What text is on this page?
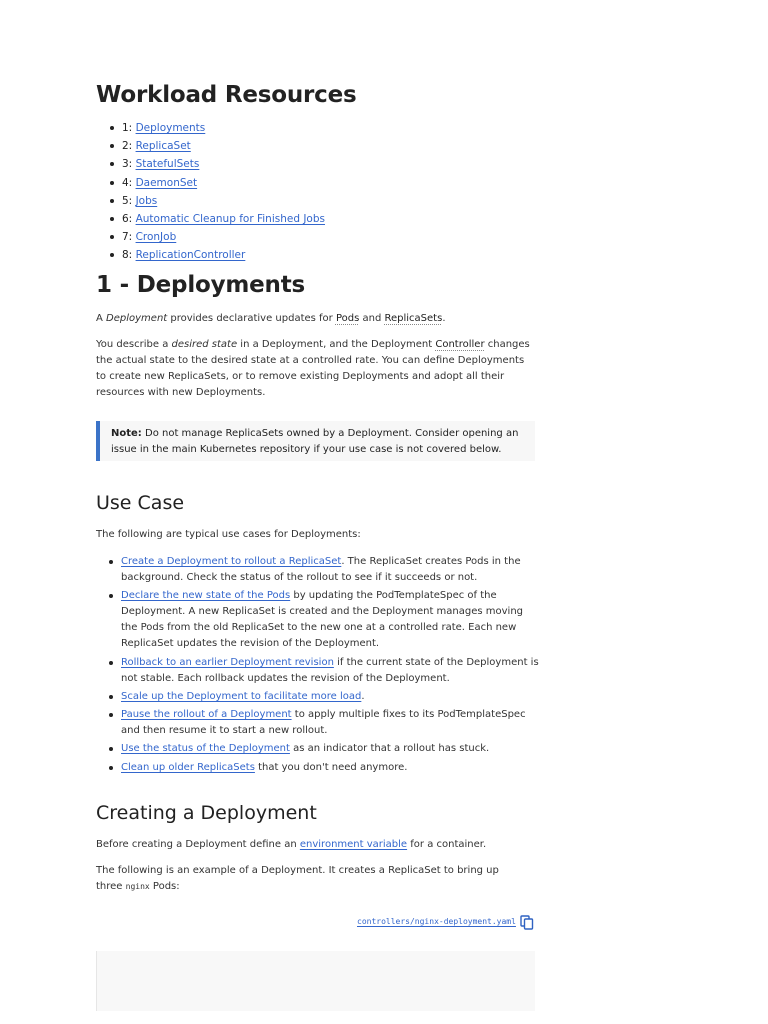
Workload Resources
1: Deployments
2: ReplicaSet
3: StatefulSets
4: DaemonSet
5: Jobs
6: Automatic Cleanup for Finished Jobs
7: CronJob
8: ReplicationController
1 - Deployments

A Deployment provides declarative updates for Pods and ReplicaSets.

You describe a desired state in a Deployment, and the Deployment Controller changes the actual state to the desired state at a controlled rate. You can define Deployments to create new ReplicaSets, or to remove existing Deployments and adopt all their resources with new Deployments.

Note: Do not manage ReplicaSets owned by a Deployment. Consider opening an issue in the main Kubernetes repository if your use case is not covered below.
Use Case

The following are typical use cases for Deployments:

Create a Deployment to rollout a ReplicaSet. The ReplicaSet creates Pods in the background. Check the status of the rollout to see if it succeeds or not.
Declare the new state of the Pods by updating the PodTemplateSpec of the Deployment. A new ReplicaSet is created and the Deployment manages moving the Pods from the old ReplicaSet to the new one at a controlled rate. Each new ReplicaSet updates the revision of the Deployment.
Rollback to an earlier Deployment revision if the current state of the Deployment is not stable. Each rollback updates the revision of the Deployment.
Scale up the Deployment to facilitate more load.
Pause the rollout of a Deployment to apply multiple fixes to its PodTemplateSpec and then resume it to start a new rollout.
Use the status of the Deployment as an indicator that a rollout has stuck.
Clean up older ReplicaSets that you don't need anymore.
Creating a Deployment

Before creating a Deployment define an environment variable for a container.

The following is an example of a Deployment. It creates a ReplicaSet to bring up three nginx Pods:

controllers/nginx-deployment.yaml
